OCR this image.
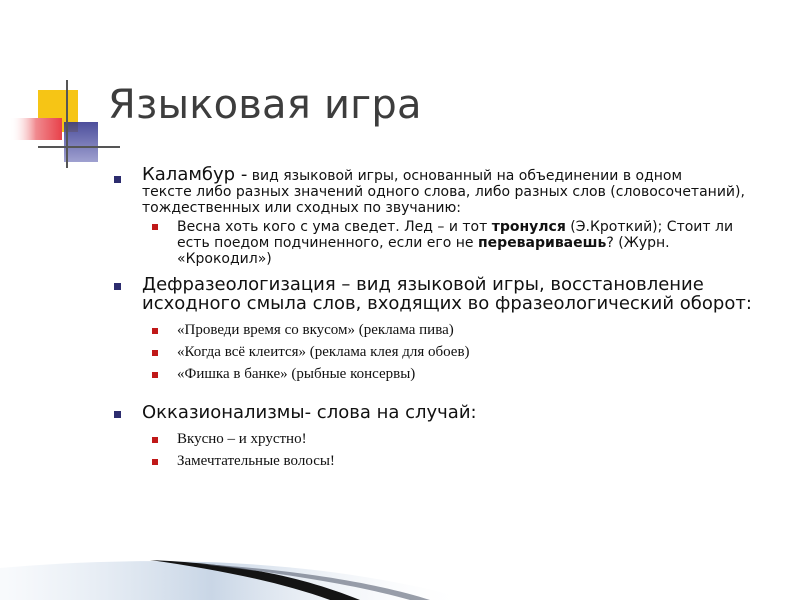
Языковая игра
Каламбур - вид языковой игры, основанный на объединении в одном
тексте либо разных значений одного слова, либо разных слов (словосочетаний), тождественных или сходных по звучанию:
Весна хоть кого с ума сведет. Лед – и тот тронулся (Э.Кроткий); Стоит ли есть поедом подчиненного, если его не перевариваешь? (Журн. «Крокодил»)
Дефразеологизация – вид языковой игры, восстановление исходного смыла слов, входящих во фразеологический оборот:
«Проведи время со вкусом» (реклама пива)
«Когда всё клеится» (реклама клея для обоев)
«Фишка в банке» (рыбные консервы)
Окказионализмы- слова на случай:
Вкусно – и хрустно!
Замечтательные волосы!
